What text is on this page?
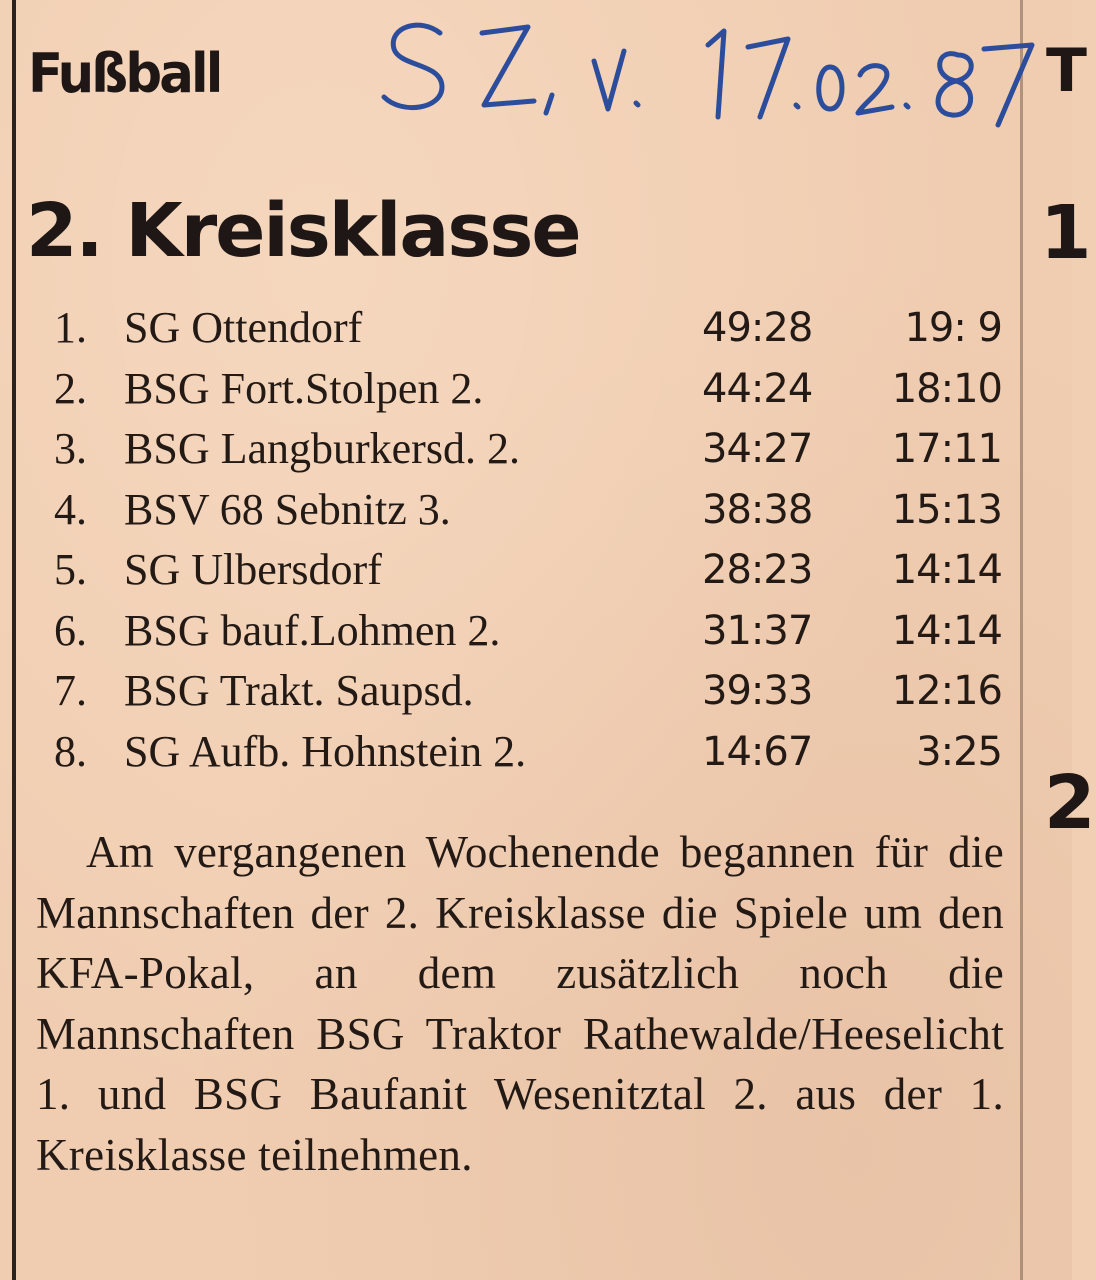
Fußball
2. Kreisklasse
1. SG Ottendorf	49:28 19: 9
2. BSG Fort.Stolpen 2.	44:24 18:10
3. BSG Langburkersd. 2.	34:27 17:11
4. BSV 68 Sebnitz 3.	38:38 15:13
5. SG Ulbersdorf	28:23 14:14
6. BSG bauf.Lohmen 2.	31:37 14:14
7. BSG Trakt. Saupsd.	39:33 12:16
8. SG Aufb. Hohnstein 2.	14:67	3:25
Am vergangenen Wochenende begannen für die Mannschaften der 2. Kreisklasse die Spiele um den KFA-Pokal, an dem zusätzlich noch die Mannschaften BSG Traktor Rathewalde/Heeselicht 1. und BSG Baufanit Wesenitztal 2. aus der 1. Kreisklasse teilnehmen.
T
1
2
